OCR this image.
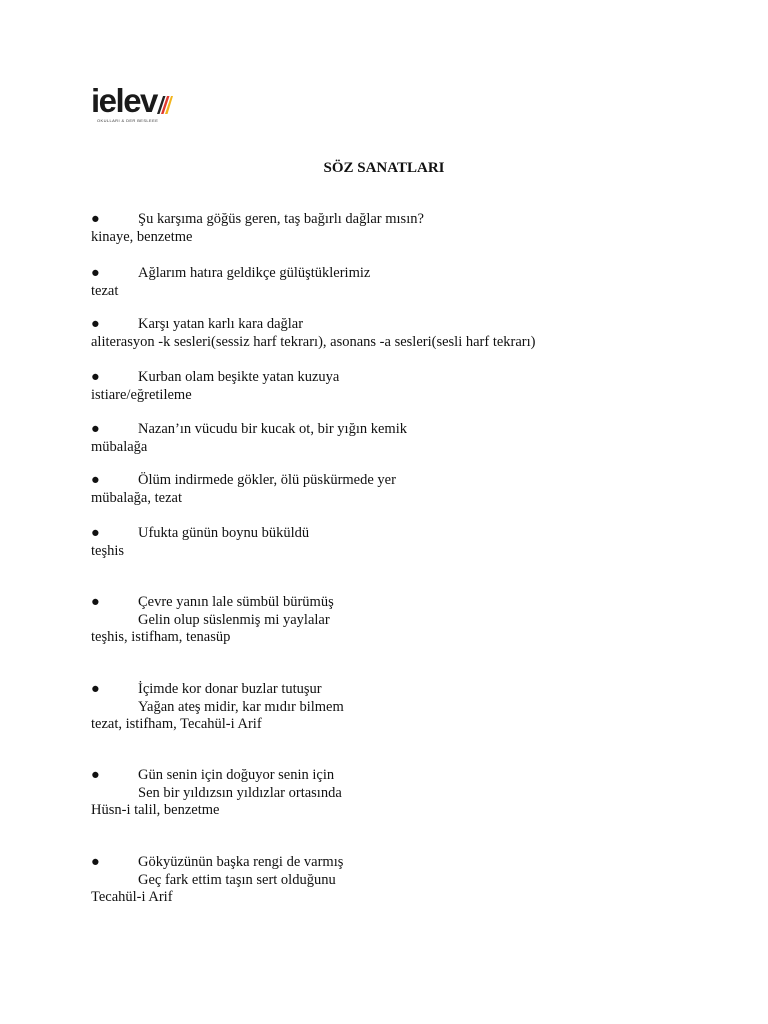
ielev
OKULLARI & DER BESLEEE
SÖZ SANATLARI
●	Şu karşıma göğüs geren, taş bağırlı dağlar mısın?
kinaye, benzetme
●	Ağlarım hatıra geldikçe gülüştüklerimiz
tezat
●	Karşı yatan karlı kara dağlar
aliterasyon -k sesleri(sessiz harf tekrarı), asonans -a sesleri(sesli harf tekrarı)
●	Kurban olam beşikte yatan kuzuya
istiare/eğretileme
●	Nazan’ın vücudu bir kucak ot, bir yığın kemik
mübalağa
●	Ölüm indirmede gökler, ölü püskürmede yer
mübalağa, tezat
●	Ufukta günün boynu büküldü
teşhis
●	Çevre yanın lale sümbül bürümüş
Gelin olup süslenmiş mi yaylalar
teşhis, istifham, tenasüp
●	İçimde kor donar buzlar tutuşur
Yağan ateş midir, kar mıdır bilmem
tezat, istifham, Tecahül-i Arif
●	Gün senin için doğuyor senin için
Sen bir yıldızsın yıldızlar ortasında
Hüsn-i talil, benzetme
●	Gökyüzünün başka rengi de varmış
Geç fark ettim taşın sert olduğunu
Tecahül-i Arif
